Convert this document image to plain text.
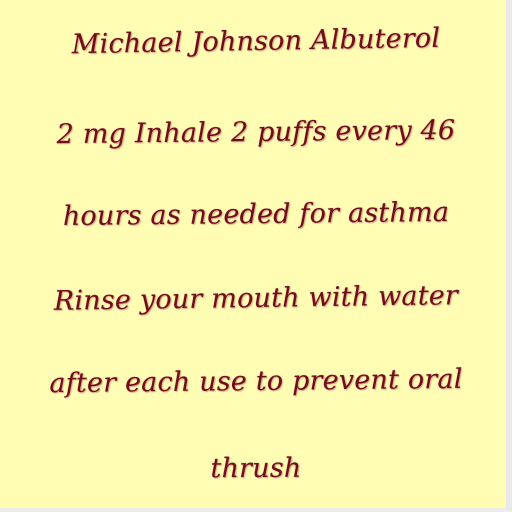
Michael Johnson Albuterol
2 mg Inhale 2 puffs every 46
hours as needed for asthma
Rinse your mouth with water
after each use to prevent oral
thrush
